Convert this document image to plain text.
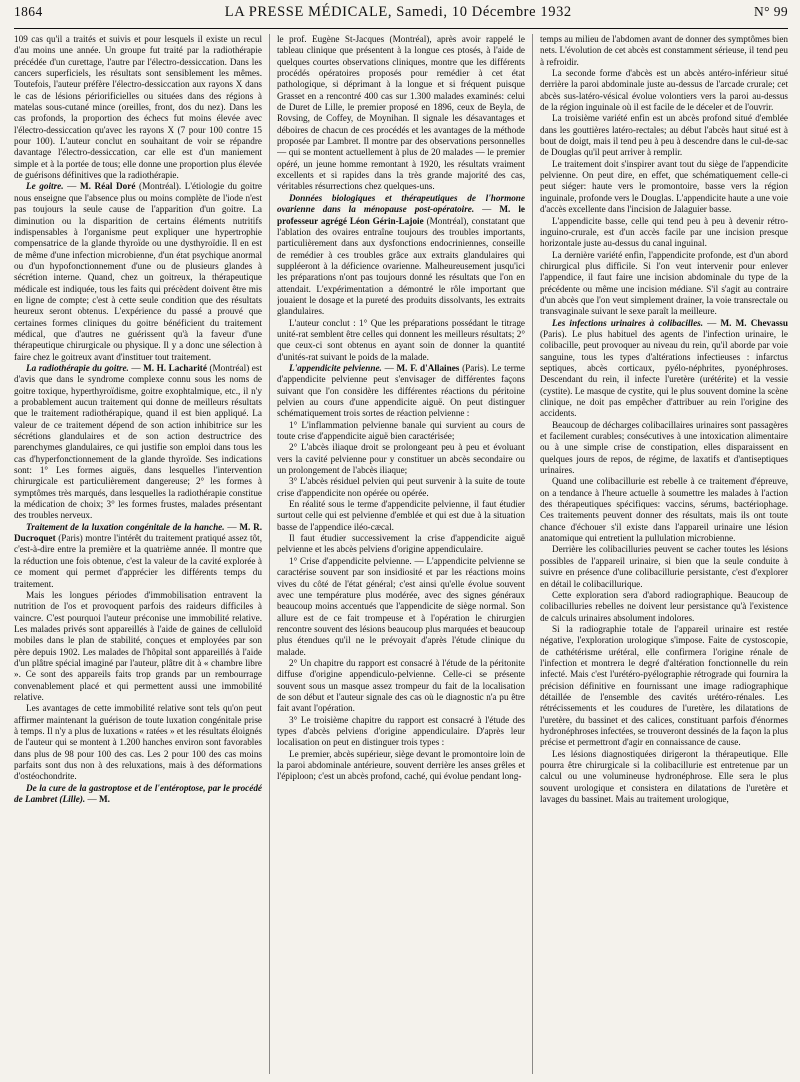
1864	LA PRESSE MÉDICALE, Samedi, 10 Décembre 1932	N° 99

109 cas qu'il a traités et suivis et pour lesquels il existe un recul d'au moins une année. Un groupe fut traité par la radiothérapie précédée d'un curettage, l'autre par l'électro-dessiccation. Dans les cancers superficiels, les résultats sont sensiblement les mêmes. Toutefois, l'auteur préfère l'électro-dessiccation aux rayons X dans le cas de lésions périorificielles ou situées dans des régions à matelas sous-cutané mince (oreilles, front, dos du nez). Dans les cas profonds, la proportion des échecs fut moins élevée avec l'électro-dessiccation qu'avec les rayons X (7 pour 100 contre 15 pour 100). L'auteur conclut en souhaitant de voir se répandre davantage l'électro-dessiccation, car elle est d'un maniement simple et à la portée de tous; elle donne une proportion plus élevée de guérisons définitives que la radiothérapie.

Le goitre. — M. Réal Doré (Montréal). L'étiologie du goitre nous enseigne que l'absence plus ou moins complète de l'iode n'est pas toujours la seule cause de l'apparition d'un goitre. La diminution ou la disparition de certains éléments nutritifs indispensables à l'organisme peut expliquer une hypertrophie compensatrice de la glande thyroïde ou une dysthyroïdie. Il en est de même d'une infection microbienne, d'un état psychique anormal ou d'un hypofonctionnement d'une ou de plusieurs glandes à sécrétion interne. Quand, chez un goitreux, la thérapeutique médicale est indiquée, tous les faits qui précèdent doivent être mis en ligne de compte; c'est à cette seule condition que des résultats heureux seront obtenus. L'expérience du passé a prouvé que certaines formes cliniques du goitre bénéficient du traitement médical, que d'autres ne guérissent qu'à la faveur d'une thérapeutique chirurgicale ou physique. Il y a donc une sélection à faire chez le goitreux avant d'instituer tout traitement.

La radiothérapie du goitre. — M. H. Lacharité (Montréal) est d'avis que dans le syndrome complexe connu sous les noms de goitre toxique, hyperthyroïdisme, goitre exophtalmique, etc., il n'y a probablement aucun traitement qui donne de meilleurs résultats que le traitement radiothérapique, quand il est bien appliqué. La valeur de ce traitement dépend de son action inhibitrice sur les sécrétions glandulaires et de son action destructrice des parenchymes glandulaires, ce qui justifie son emploi dans tous les cas d'hyperfonctionnement de la glande thyroïde. Ses indications sont: 1° Les formes aiguës, dans lesquelles l'intervention chirurgicale est particulièrement dangereuse; 2° les formes à symptômes très marqués, dans lesquelles la radiothérapie constitue la médication de choix; 3° les formes frustes, malades présentant des troubles nerveux.

Traitement de la luxation congénitale de la hanche. — M. R. Ducroquet (Paris) montre l'intérêt du traitement pratiqué assez tôt, c'est-à-dire entre la première et la quatrième année. Il montre que la réduction une fois obtenue, c'est la valeur de la cavité explorée à ce moment qui permet d'apprécier les différents temps du traitement.

Mais les longues périodes d'immobilisation entravent la nutrition de l'os et provoquent parfois des raideurs difficiles à vaincre. C'est pourquoi l'auteur préconise une immobilité relative. Les malades privés sont appareillés à l'aide de gaines de celluloïd mobiles dans le plan de stabilité, conçues et employées par son père depuis 1902. Les malades de l'hôpital sont appareillés à l'aide d'un plâtre spécial imaginé par l'auteur, plâtre dit à « chambre libre ». Ce sont des appareils faits trop grands par un rembourrage convenablement placé et qui permettent aussi une immobilité relative.

Les avantages de cette immobilité relative sont tels qu'on peut affirmer maintenant la guérison de toute luxation congénitale prise à temps. Il n'y a plus de luxations « ratées » et les résultats éloignés de l'auteur qui se montent à 1.200 hanches environ sont favorables dans plus de 98 pour 100 des cas. Les 2 pour 100 des cas moins parfaits sont dus non à des reluxations, mais à des déformations d'ostéochondrite.

De la cure de la gastroptose et de l'entéroptose, par le procédé de Lambret (Lille). — M.

le prof. Eugène St-Jacques (Montréal), après avoir rappelé le tableau clinique que présentent à la longue ces ptosés, à l'aide de quelques courtes observations cliniques, montre que les différents procédés opératoires proposés pour remédier à cet état pathologique, si déprimant à la longue et si fréquent puisque Grasset en a rencontré 400 cas sur 1.300 malades examinés: celui de Duret de Lille, le premier proposé en 1896, ceux de Beyla, de Rovsing, de Coffey, de Moynihan. Il signale les désavantages et déboires de chacun de ces procédés et les avantages de la méthode proposée par Lambret. Il montre par des observations personnelles — qui se montent actuellement à plus de 20 malades — le premier opéré, un jeune homme remontant à 1920, les résultats vraiment excellents et si rapides dans la très grande majorité des cas, véritables résurrections chez quelques-uns.

Données biologiques et thérapeutiques de l'hormone ovarienne dans la ménopause post-opératoire. — M. le professeur agrégé Léon Gérin-Lajoie (Montréal), constatant que l'ablation des ovaires entraîne toujours des troubles importants, particulièrement dans aux dysfonctions endocriniennes, conseille de remédier à ces troubles grâce aux extraits glandulaires qui suppléeront à la déficience ovarienne. Malheureusement jusqu'ici les préparations n'ont pas toujours donné les résultats que l'on en attendait. L'expérimentation a démontré le rôle important que jouaient le dosage et la pureté des produits dissolvants, les extraits glandulaires.

L'auteur conclut : 1° Que les préparations possédant le titrage unité-rat semblent être celles qui donnent les meilleurs résultats; 2° que ceux-ci sont obtenus en ayant soin de donner la quantité d'unités-rat suivant le poids de la malade.

L'appendicite pelvienne. — M. F. d'Allaines (Paris). Le terme d'appendicite pelvienne peut s'envisager de différentes façons suivant que l'on considère les différentes réactions du péritoine pelvien au cours d'une appendicite aiguë. On peut distinguer schématiquement trois sortes de réaction pelvienne :

1° L'inflammation pelvienne banale qui survient au cours de toute crise d'appendicite aiguë bien caractérisée;

2° L'abcès iliaque droit se prolongeant peu à peu et évoluant vers la cavité pelvienne pour y constituer un abcès secondaire ou un prolongement de l'abcès iliaque;

3° L'abcès résiduel pelvien qui peut survenir à la suite de toute crise d'appendicite non opérée ou opérée.

En réalité sous le terme d'appendicite pelvienne, il faut étudier surtout celle qui est pelvienne d'emblée et qui est due à la situation basse de l'appendice iléo-cæcal.

Il faut étudier successivement la crise d'appendicite aiguë pelvienne et les abcès pelviens d'origine appendiculaire.

1° Crise d'appendicite pelvienne. — L'appendicite pelvienne se caractérise souvent par son insidiosité et par les réactions moins vives du côté de l'état général; c'est ainsi qu'elle évolue souvent avec une température plus modérée, avec des signes généraux beaucoup moins accentués que l'appendicite de siège normal. Son allure est de ce fait trompeuse et à l'opération le chirurgien rencontre souvent des lésions beaucoup plus marquées et beaucoup plus étendues qu'il ne le prévoyait d'après l'étude clinique du malade.

2° Un chapitre du rapport est consacré à l'étude de la péritonite diffuse d'origine appendiculo-pelvienne. Celle-ci se présente souvent sous un masque assez trompeur du fait de la localisation de son début et l'auteur signale des cas où le diagnostic n'a pu être fait avant l'opération.

3° Le troisième chapitre du rapport est consacré à l'étude des types d'abcès pelviens d'origine appendiculaire. D'après leur localisation on peut en distinguer trois types :

Le premier, abcès supérieur, siège devant le promontoire loin de la paroi abdominale antérieure, souvent derrière les anses grêles et l'épiploon; c'est un abcès profond, caché, qui évolue pendant long-

temps au milieu de l'abdomen avant de donner des symptômes bien nets. L'évolution de cet abcès est constamment sérieuse, il tend peu à refroidir.

La seconde forme d'abcès est un abcès antéro-inférieur situé derrière la paroi abdominale juste au-dessus de l'arcade crurale; cet abcès sus-latéro-vésical évolue volontiers vers la paroi au-dessus de la région inguinale où il est facile de le déceler et de l'ouvrir.

La troisième variété enfin est un abcès profond situé d'emblée dans les gouttières latéro-rectales; au début l'abcès haut situé est à bout de doigt, mais il tend peu à peu à descendre dans le cul-de-sac de Douglas qu'il peut arriver à remplir.

Le traitement doit s'inspirer avant tout du siège de l'appendicite pelvienne. On peut dire, en effet, que schématiquement celle-ci peut siéger: haute vers le promontoire, basse vers la région inguinale, profonde vers le Douglas. L'appendicite haute a une voie d'accès excellente dans l'incision de Jalaguier basse.

L'appendicite basse, celle qui tend peu à peu à devenir rétro-inguino-crurale, est d'un accès facile par une incision presque horizontale juste au-dessus du canal inguinal.

La dernière variété enfin, l'appendicite profonde, est d'un abord chirurgical plus difficile. Si l'on veut intervenir pour enlever l'appendice, il faut faire une incision abdominale du type de la précédente ou même une incision médiane. S'il s'agit au contraire d'un abcès que l'on veut simplement drainer, la voie transrectale ou transvaginale suivant le sexe paraît la meilleure.

Les infections urinaires à colibacilles. — M. M. Chevassu (Paris). Le plus habituel des agents de l'infection urinaire, le colibacille, peut provoquer au niveau du rein, qu'il aborde par voie sanguine, tous les types d'altérations infectieuses : infarctus septiques, abcès corticaux, pyélo-néphrites, pyonéphroses. Descendant du rein, il infecte l'uretère (urétérite) et la vessie (cystite). Le masque de cystite, qui le plus souvent domine la scène clinique, ne doit pas empêcher d'attribuer au rein l'origine des accidents.

Beaucoup de décharges colibacillaires urinaires sont passagères et facilement curables; consécutives à une intoxication alimentaire ou à une simple crise de constipation, elles disparaissent en quelques jours de repos, de régime, de laxatifs et d'antiseptiques urinaires.

Quand une colibacillurie est rebelle à ce traitement d'épreuve, on a tendance à l'heure actuelle à soumettre les malades à l'action des thérapeutiques spécifiques: vaccins, sérums, bactériophage. Ces traitements peuvent donner des résultats, mais ils ont toute chance d'échouer s'il existe dans l'appareil urinaire une lésion anatomique qui entretient la pullulation microbienne.

Derrière les colibacilluries peuvent se cacher toutes les lésions possibles de l'appareil urinaire, si bien que la seule conduite à suivre en présence d'une colibacillurie persistante, c'est d'explorer en détail le colibacillurique.

Cette exploration sera d'abord radiographique. Beaucoup de colibacilluries rebelles ne doivent leur persistance qu'à l'existence de calculs urinaires absolument indolores.

Si la radiographie totale de l'appareil urinaire est restée négative, l'exploration urologique s'impose. Faite de cystoscopie, de cathétérisme urétéral, elle confirmera l'origine rénale de l'infection et montrera le degré d'altération fonctionnelle du rein infecté. Mais c'est l'urétéro-pyélographie rétrograde qui fournira la précision définitive en fournissant une image radiographique détaillée de l'ensemble des cavités urétéro-rénales. Les rétrécissements et les coudures de l'uretère, les dilatations de l'uretère, du bassinet et des calices, constituant parfois d'énormes hydronéphroses infectées, se trouveront dessinés de la façon la plus précise et permettront d'agir en connaissance de cause.

Les lésions diagnostiquées dirigeront la thérapeutique. Elle pourra être chirurgicale si la colibacillurie est entretenue par un calcul ou une volumineuse hydronéphrose. Elle sera le plus souvent urologique et consistera en dilatations de l'uretère et lavages du bassinet. Mais au traitement urologique,
